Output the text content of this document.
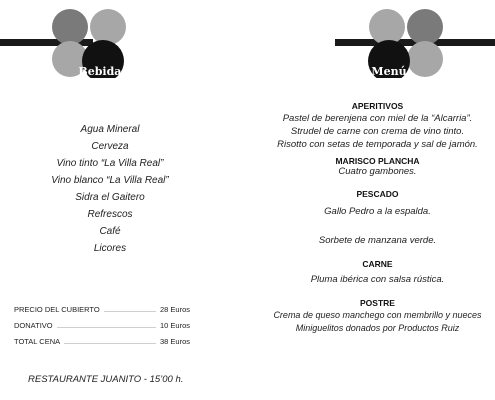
Bebidas	Menú
Agua Mineral
Cerveza
Vino tinto “La Villa Real”
Vino blanco “La Villa Real”
Sidra el Gaitero
Refrescos
Café
Licores
PRECIO DEL CUBIERTO	28 Euros
DONATIVO	10 Euros
TOTAL CENA	38 Euros
RESTAURANTE JUANITO - 15’00 h.
APERITIVOS
Pastel de berenjena con miel de la “Alcarria”.
Strudel de carne con crema de vino tinto.
Risotto con setas de temporada y sal de jamón.
MARISCO PLANCHA
Cuatro gambones.
PESCADO
Gallo Pedro a la espalda.
Sorbete de manzana verde.
CARNE
Pluma ibérica con salsa rústica.
POSTRE
Crema de queso manchego con membrillo y nueces
Miniguelitos donados por Productos Ruiz
